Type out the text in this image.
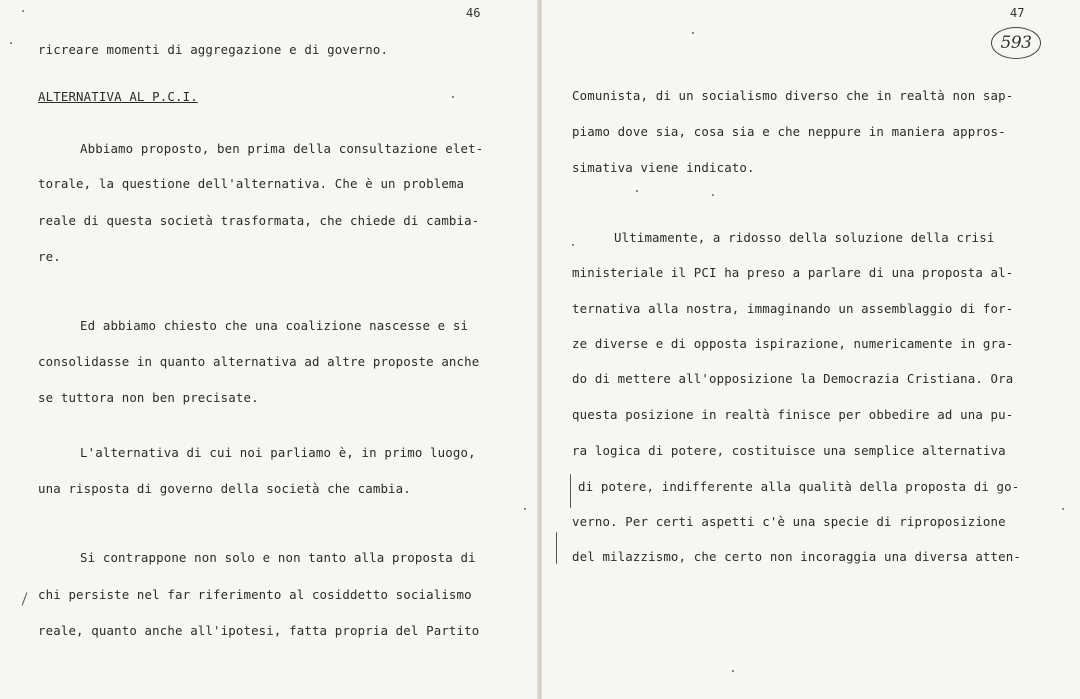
46
ricreare momenti di aggregazione e di governo.
ALTERNATIVA AL P.C.I.
Abbiamo proposto, ben prima della consultazione elet-
torale, la questione dell'alternativa. Che è un problema
reale di questa società trasformata, che chiede di cambia-
re.
Ed abbiamo chiesto che una coalizione nascesse e si
consolidasse in quanto alternativa ad altre proposte anche
se tuttora non ben precisate.
L'alternativa di cui noi parliamo è, in primo luogo,
una risposta di governo della società che cambia.
Si contrappone non solo e non tanto alla proposta di
chi persiste nel far riferimento al cosiddetto socialismo
reale, quanto anche all'ipotesi, fatta propria del Partito
47
Comunista, di un socialismo diverso che in realtà non sap-
piamo dove sia, cosa sia e che neppure in maniera appros-
simativa viene indicato.
Ultimamente, a ridosso della soluzione della crisi
ministeriale il PCI ha preso a parlare di una proposta al-
ternativa alla nostra, immaginando un assemblaggio di for-
ze diverse e di opposta ispirazione, numericamente in gra-
do di mettere all'opposizione la Democrazia Cristiana. Ora
questa posizione in realtà finisce per obbedire ad una pu-
ra logica di potere, costituisce una semplice alternativa
di potere, indifferente alla qualità della proposta di go-
verno. Per certi aspetti c'è una specie di riproposizione
del milazzismo, che certo non incoraggia una diversa atten-
593
